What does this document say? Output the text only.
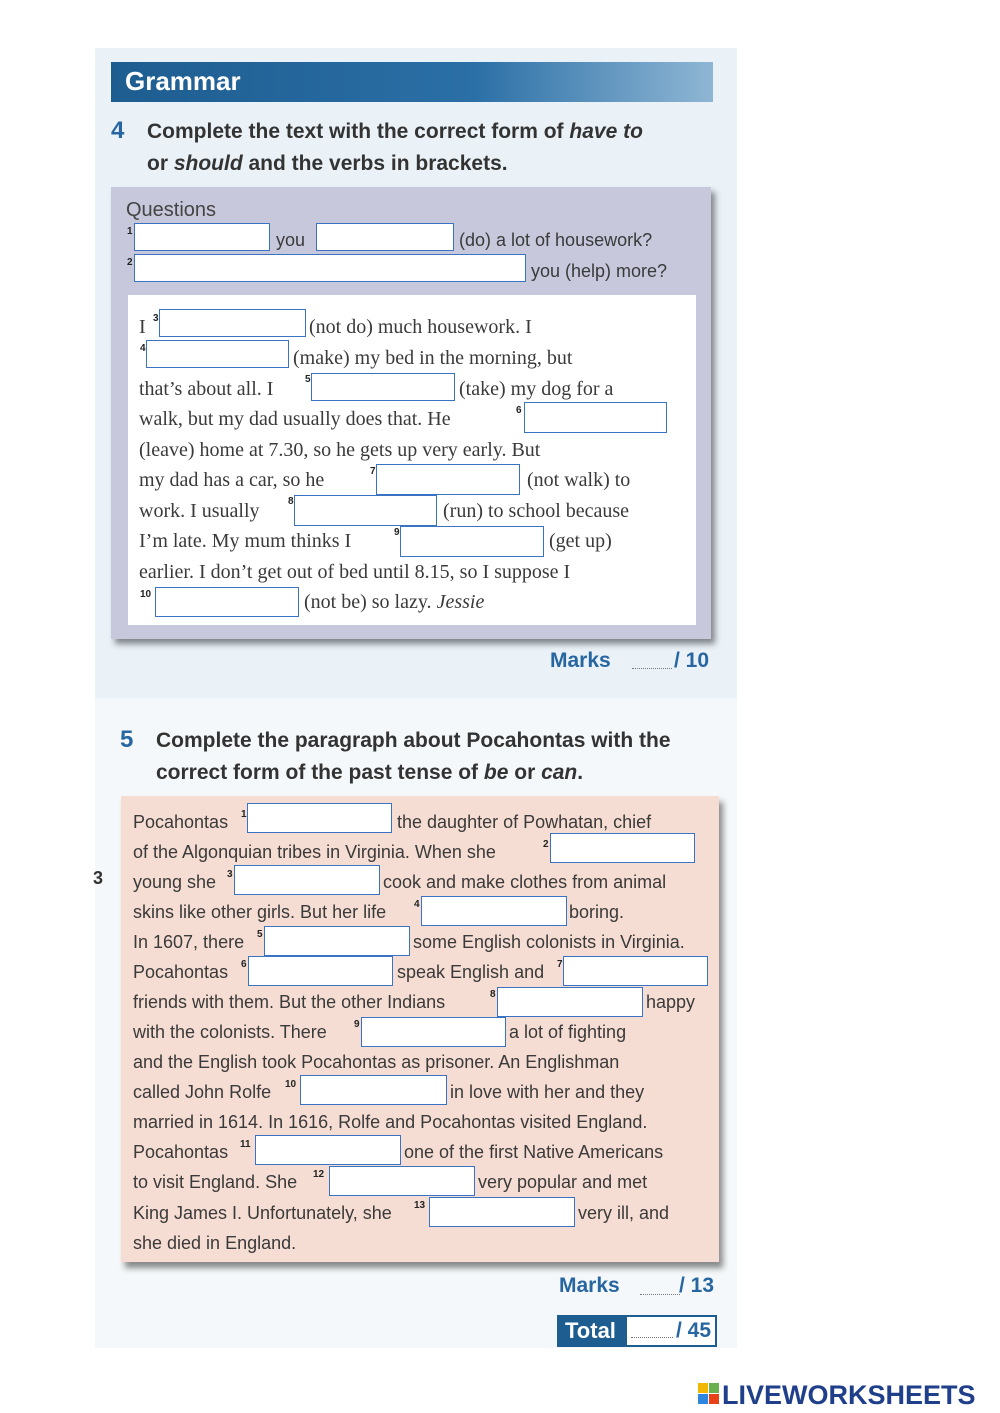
3
Grammar
4 Complete the text with the correct form of have to
or should and the verbs in brackets.
Questions
1	you	(do) a lot of housework?
2	you (help) more?
I 3	(not do) much housework. I
4	(make) my bed in the morning, but
that’s about all. I	5	(take) my dog for a
walk, but my dad usually does that. He	6
(leave) home at 7.30, so he gets up very early. But
my dad has a car, so he	7	(not walk) to
work. I usually	8	(run) to school because
I’m late. My mum thinks I	9	(get up)
earlier. I don’t get out of bed until 8.15, so I suppose I
10	(not be) so lazy. Jessie
Marks	/ 10
5 Complete the paragraph about Pocahontas with the
correct form of the past tense of be or can.
Pocahontas 1	the daughter of Powhatan, chief
of the Algonquian tribes in Virginia. When she	2
young she 3	cook and make clothes from animal
skins like other girls. But her life	4	boring.
In 1607, there 5	some English colonists in Virginia.
Pocahontas 6	speak English and 7
friends with them. But the other Indians	8	happy
with the colonists. There	9	a lot of fighting
and the English took Pocahontas as prisoner. An Englishman
called John Rolfe 10	in love with her and they
married in 1614. In 1616, Rolfe and Pocahontas visited England.
Pocahontas 11	one of the first Native Americans
to visit England. She 12	very popular and met
King James I. Unfortunately, she 13	very ill, and
she died in England.
Marks	/ 13
Total	/ 45
LIVEWORKSHEETS
